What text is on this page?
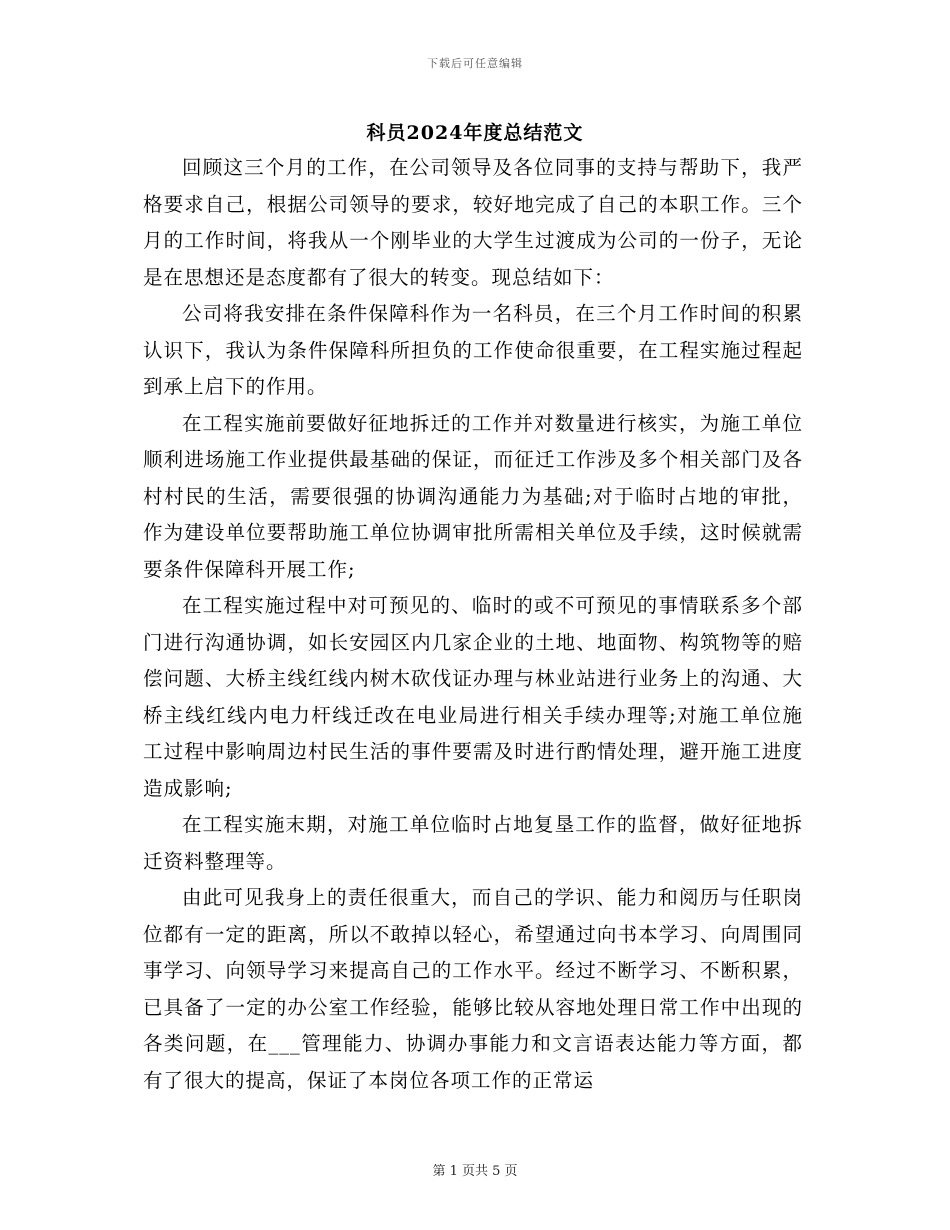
下载后可任意编辑
科员2024年度总结范文

回顾这三个月的工作，在公司领导及各位同事的支持与帮助下，我严格要求自己，根据公司领导的要求，较好地完成了自己的本职工作。三个月的工作时间，将我从一个刚毕业的大学生过渡成为公司的一份子，无论是在思想还是态度都有了很大的转变。现总结如下：

公司将我安排在条件保障科作为一名科员，在三个月工作时间的积累认识下，我认为条件保障科所担负的工作使命很重要，在工程实施过程起到承上启下的作用。

在工程实施前要做好征地拆迁的工作并对数量进行核实，为施工单位顺利进场施工作业提供最基础的保证，而征迁工作涉及多个相关部门及各村村民的生活，需要很强的协调沟通能力为基础;对于临时占地的审批，作为建设单位要帮助施工单位协调审批所需相关单位及手续，这时候就需要条件保障科开展工作;

在工程实施过程中对可预见的、临时的或不可预见的事情联系多个部门进行沟通协调，如长安园区内几家企业的土地、地面物、构筑物等的赔偿问题、大桥主线红线内树木砍伐证办理与林业站进行业务上的沟通、大桥主线红线内电力杆线迁改在电业局进行相关手续办理等;对施工单位施工过程中影响周边村民生活的事件要需及时进行酌情处理，避开施工进度造成影响;

在工程实施末期，对施工单位临时占地复垦工作的监督，做好征地拆迁资料整理等。

由此可见我身上的责任很重大，而自己的学识、能力和阅历与任职岗位都有一定的距离，所以不敢掉以轻心，希望通过向书本学习、向周围同事学习、向领导学习来提高自己的工作水平。经过不断学习、不断积累，已具备了一定的办公室工作经验，能够比较从容地处理日常工作中出现的各类问题，在___管理能力、协调办事能力和文言语表达能力等方面，都有了很大的提高，保证了本岗位各项工作的正常运

第 1 页共 5 页
